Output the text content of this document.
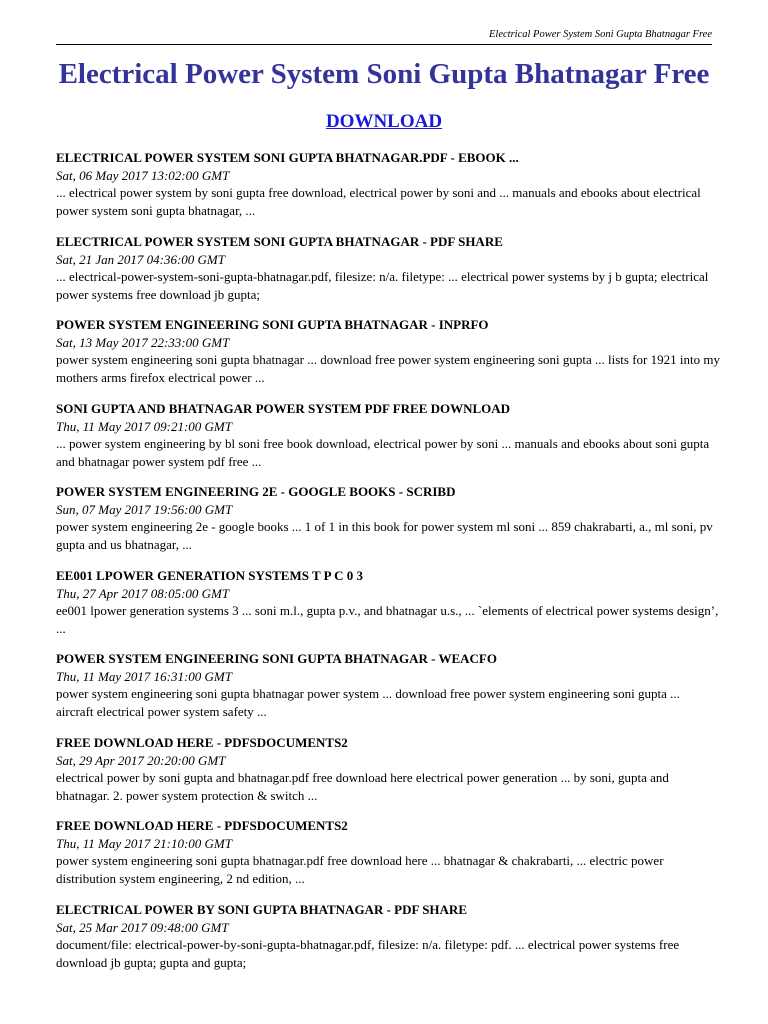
Electrical Power System Soni Gupta Bhatnagar Free
Electrical Power System Soni Gupta Bhatnagar Free
DOWNLOAD

ELECTRICAL POWER SYSTEM SONI GUPTA BHATNAGAR.PDF - EBOOK ...

Sat, 06 May 2017 13:02:00 GMT

... electrical power system by soni gupta free download, electrical power by soni and ... manuals and ebooks about electrical power system soni gupta bhatnagar, ...

ELECTRICAL POWER SYSTEM SONI GUPTA BHATNAGAR - PDF SHARE

Sat, 21 Jan 2017 04:36:00 GMT

... electrical-power-system-soni-gupta-bhatnagar.pdf, filesize: n/a. filetype: ... electrical power systems by j b gupta; electrical power systems free download jb gupta;

POWER SYSTEM ENGINEERING SONI GUPTA BHATNAGAR - INPRFO

Sat, 13 May 2017 22:33:00 GMT

power system engineering soni gupta bhatnagar ... download free power system engineering soni gupta ... lists for 1921 into my mothers arms firefox electrical power ...

SONI GUPTA AND BHATNAGAR POWER SYSTEM PDF FREE DOWNLOAD

Thu, 11 May 2017 09:21:00 GMT

... power system engineering by bl soni free book download, electrical power by soni ... manuals and ebooks about soni gupta and bhatnagar power system pdf free ...

POWER SYSTEM ENGINEERING 2E - GOOGLE BOOKS - SCRIBD

Sun, 07 May 2017 19:56:00 GMT

power system engineering 2e - google books ... 1 of 1 in this book for power system ml soni ... 859 chakrabarti, a., ml soni, pv gupta and us bhatnagar, ...

EE001 LPOWER GENERATION SYSTEMS T P C 0 3

Thu, 27 Apr 2017 08:05:00 GMT

ee001 lpower generation systems 3 ... soni m.l., gupta p.v., and bhatnagar u.s., ... `elements of electrical power systems design’, ...

POWER SYSTEM ENGINEERING SONI GUPTA BHATNAGAR - WEACFO

Thu, 11 May 2017 16:31:00 GMT

power system engineering soni gupta bhatnagar power system ... download free power system engineering soni gupta ... aircraft electrical power system safety ...

FREE DOWNLOAD HERE - PDFSDOCUMENTS2

Sat, 29 Apr 2017 20:20:00 GMT

electrical power by soni gupta and bhatnagar.pdf free download here electrical power generation ... by soni, gupta and bhatnagar. 2. power system protection & switch ...

FREE DOWNLOAD HERE - PDFSDOCUMENTS2

Thu, 11 May 2017 21:10:00 GMT

power system engineering soni gupta bhatnagar.pdf free download here ... bhatnagar & chakrabarti, ... electric power distribution system engineering, 2 nd edition, ...

ELECTRICAL POWER BY SONI GUPTA BHATNAGAR - PDF SHARE

Sat, 25 Mar 2017 09:48:00 GMT

document/file: electrical-power-by-soni-gupta-bhatnagar.pdf, filesize: n/a. filetype: pdf. ... electrical power systems free download jb gupta; gupta and gupta;
